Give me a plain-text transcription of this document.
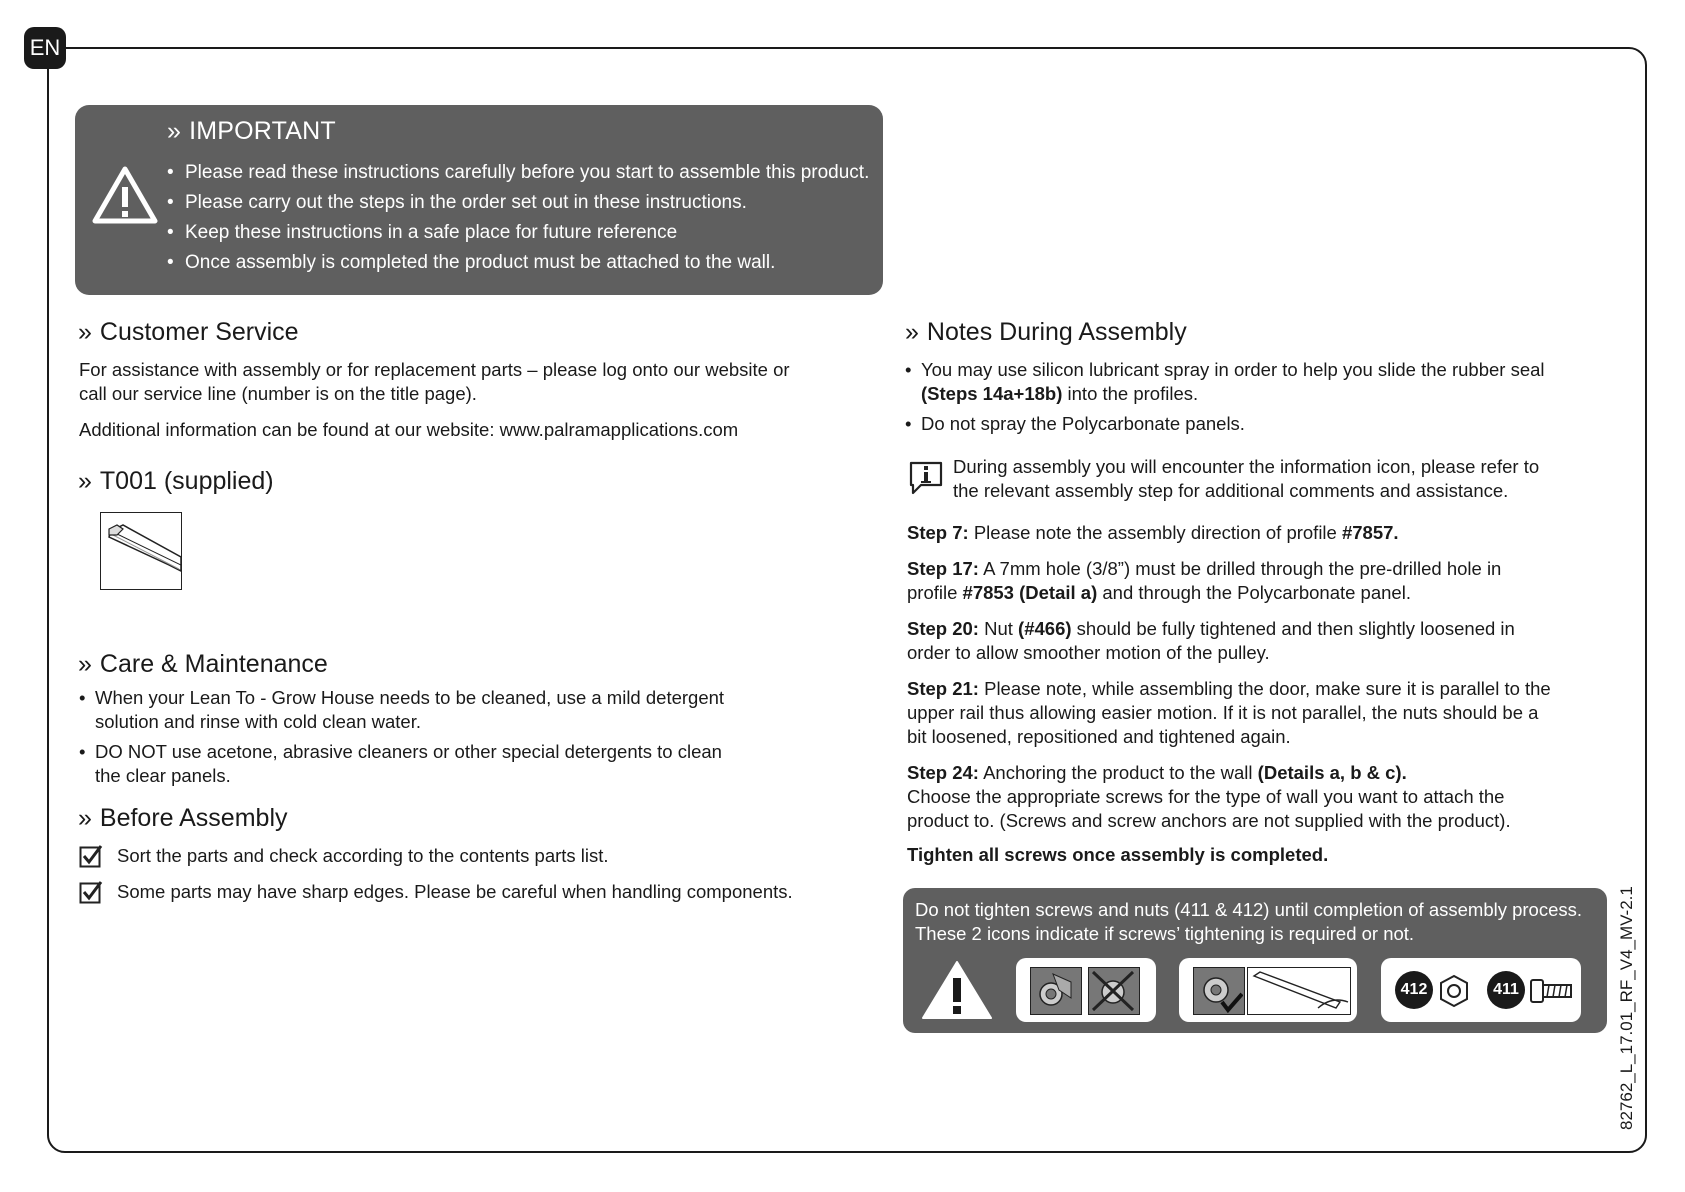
EN
» IMPORTANT
• Please read these instructions carefully before you start to assemble this product.
• Please carry out the steps in the order set out in these instructions.
• Keep these instructions in a safe place for future reference
• Once assembly is completed the product must be attached to the wall.
» Customer Service

For assistance with assembly or for replacement parts – please log onto our website or

call our service line (number is on the title page).

Additional information can be found at our website: www.palramapplications.com

» T001 (supplied)
» Care & Maintenance
• When your Lean To - Grow House needs to be cleaned, use a mild detergent
solution and rinse with cold clean water.
• DO NOT use acetone, abrasive cleaners or other special detergents to clean
the clear panels.
» Before Assembly
Sort the parts and check according to the contents parts list.
Some parts may have sharp edges. Please be careful when handling components.
» Notes During Assembly
• You may use silicon lubricant spray in order to help you slide the rubber seal
(Steps 14a+18b) into the profiles.
• Do not spray the Polycarbonate panels.

During assembly you will encounter the information icon, please refer to

the relevant assembly step for additional comments and assistance.

Step 7: Please note the assembly direction of profile #7857.

Step 17: A 7mm hole (3/8”) must be drilled through the pre-drilled hole in profile #7853 (Detail a) and through the Polycarbonate panel.

Step 20: Nut (#466) should be fully tightened and then slightly loosened in order to allow smoother motion of the pulley.

Step 21: Please note, while assembling the door, make sure it is parallel to the upper rail thus allowing easier motion. If it is not parallel, the nuts should be a bit loosened, repositioned and tightened again.

Step 24: Anchoring the product to the wall (Details a, b & c).
Choose the appropriate screws for the type of wall you want to attach the product to. (Screws and screw anchors are not supplied with the product).

Tighten all screws once assembly is completed.

Do not tighten screws and nuts (411 & 412) until completion of assembly process.
These 2 icons indicate if screws’ tightening is required or not.
412	411	82762_L_17.01_RF_V4_MV-2.1
